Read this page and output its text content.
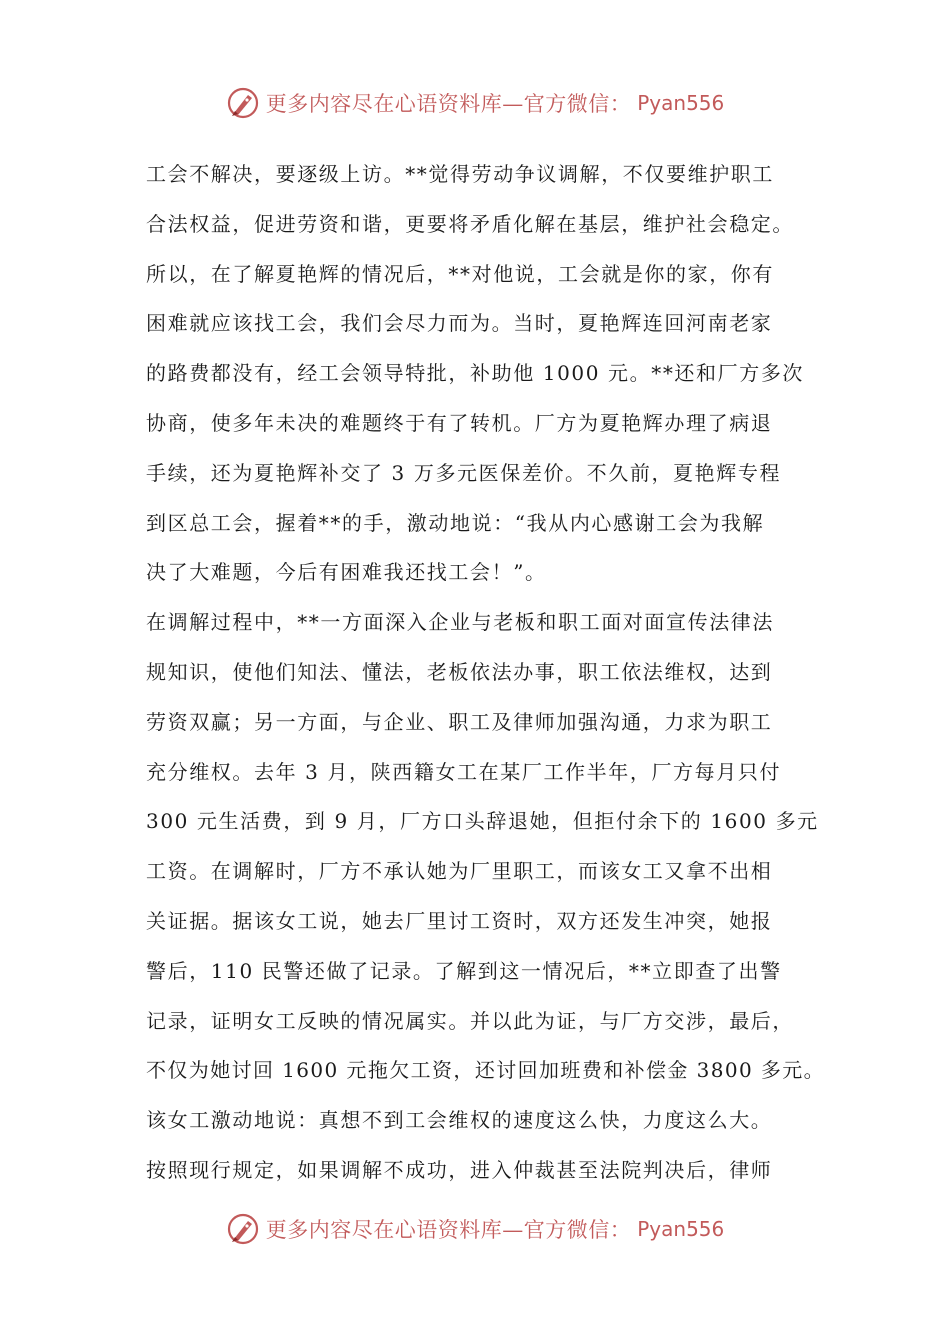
更多内容尽在心语资料库—官方微信： Pyan556
工会不解决，要逐级上访。**觉得劳动争议调解，不仅要维护职工
合法权益，促进劳资和谐，更要将矛盾化解在基层，维护社会稳定。
所以，在了解夏艳辉的情况后，**对他说，工会就是你的家，你有
困难就应该找工会，我们会尽力而为。当时，夏艳辉连回河南老家
的路费都没有，经工会领导特批，补助他 1000 元。**还和厂方多次
协商，使多年未决的难题终于有了转机。厂方为夏艳辉办理了病退
手续，还为夏艳辉补交了 3 万多元医保差价。不久前，夏艳辉专程
到区总工会，握着**的手，激动地说：“我从内心感谢工会为我解
决了大难题，今后有困难我还找工会！”。
在调解过程中，**一方面深入企业与老板和职工面对面宣传法律法
规知识，使他们知法、懂法，老板依法办事，职工依法维权，达到
劳资双赢；另一方面，与企业、职工及律师加强沟通，力求为职工
充分维权。去年 3 月，陕西籍女工在某厂工作半年，厂方每月只付
300 元生活费，到 9 月，厂方口头辞退她，但拒付余下的 1600 多元
工资。在调解时，厂方不承认她为厂里职工，而该女工又拿不出相
关证据。据该女工说，她去厂里讨工资时，双方还发生冲突，她报
警后，110 民警还做了记录。了解到这一情况后，**立即查了出警
记录，证明女工反映的情况属实。并以此为证，与厂方交涉，最后，
不仅为她讨回 1600 元拖欠工资，还讨回加班费和补偿金 3800 多元。
该女工激动地说：真想不到工会维权的速度这么快，力度这么大。
按照现行规定，如果调解不成功，进入仲裁甚至法院判决后，律师
更多内容尽在心语资料库—官方微信： Pyan556
